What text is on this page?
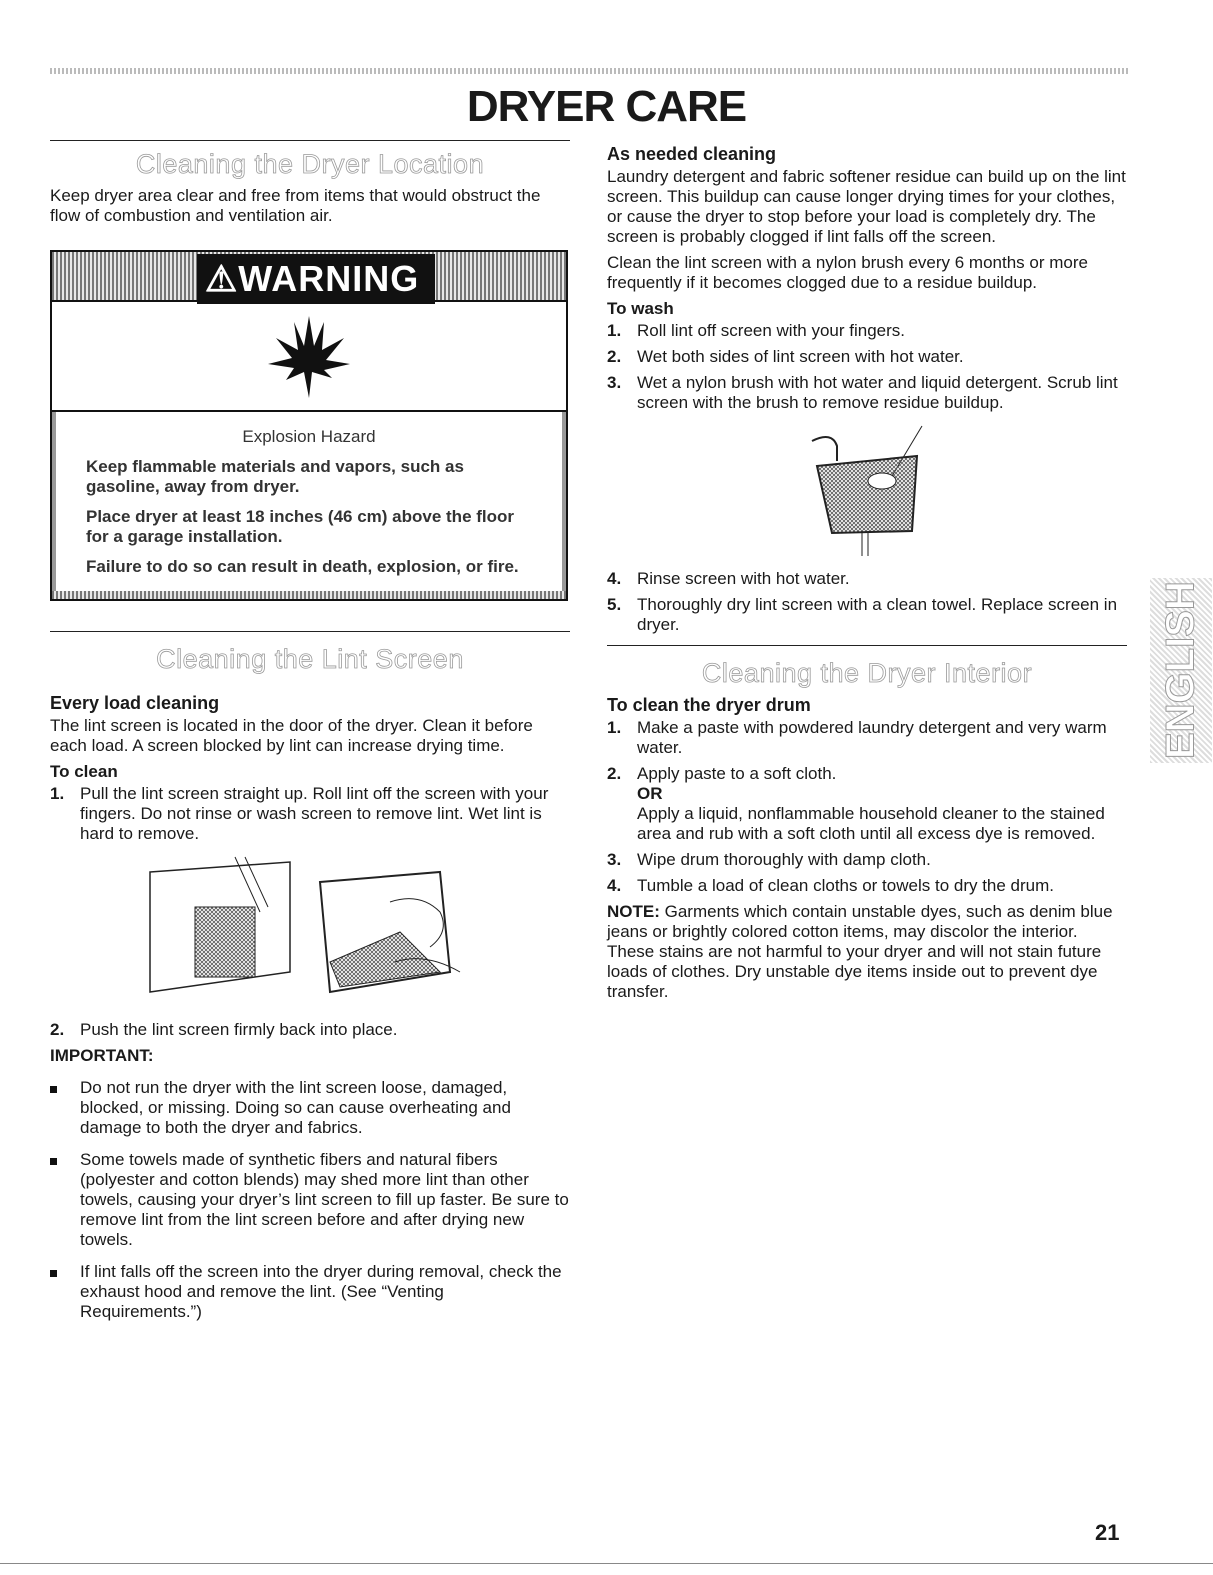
DRYER CARE
Cleaning the Dryer Location

Keep dryer area clear and free from items that would obstruct the flow of combustion and ventilation air.

⚠WARNING
Explosion Hazard

Keep flammable materials and vapors, such as gasoline, away from dryer.

Place dryer at least 18 inches (46 cm) above the floor for a garage installation.

Failure to do so can result in death, explosion, or fire.

Cleaning the Lint Screen
Every load cleaning

The lint screen is located in the door of the dryer. Clean it before each load. A screen blocked by lint can increase drying time.

To clean
1. Pull the lint screen straight up. Roll lint off the screen with your fingers. Do not rinse or wash screen to remove lint. Wet lint is hard to remove.
2. Push the lint screen firmly back into place.
IMPORTANT:
Do not run the dryer with the lint screen loose, damaged, blocked, or missing. Doing so can cause overheating and damage to both the dryer and fabrics.
Some towels made of synthetic fibers and natural fibers (polyester and cotton blends) may shed more lint than other towels, causing your dryer’s lint screen to fill up faster. Be sure to remove lint from the lint screen before and after drying new towels.
If lint falls off the screen into the dryer during removal, check the exhaust hood and remove the lint. (See “Venting Requirements.”)
As needed cleaning

Laundry detergent and fabric softener residue can build up on the lint screen. This buildup can cause longer drying times for your clothes, or cause the dryer to stop before your load is completely dry. The screen is probably clogged if lint falls off the screen.

Clean the lint screen with a nylon brush every 6 months or more frequently if it becomes clogged due to a residue buildup.

To wash
1. Roll lint off screen with your fingers.
2. Wet both sides of lint screen with hot water.
3. Wet a nylon brush with hot water and liquid detergent. Scrub lint screen with the brush to remove residue buildup.
4. Rinse screen with hot water.
5. Thoroughly dry lint screen with a clean towel. Replace screen in dryer.
Cleaning the Dryer Interior
To clean the dryer drum
1. Make a paste with powdered laundry detergent and very warm water.
2. Apply paste to a soft cloth.
OR
Apply a liquid, nonflammable household cleaner to the stained area and rub with a soft cloth until all excess dye is removed.
3. Wipe drum thoroughly with damp cloth.
4. Tumble a load of clean cloths or towels to dry the drum.

NOTE: Garments which contain unstable dyes, such as denim blue jeans or brightly colored cotton items, may discolor the interior. These stains are not harmful to your dryer and will not stain future loads of clothes. Dry unstable dye items inside out to prevent dye transfer.

ENGLISH
21
